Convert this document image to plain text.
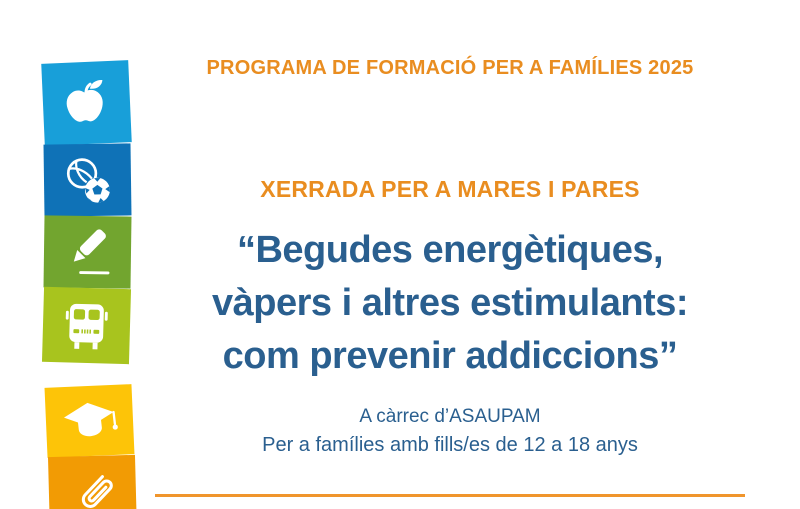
PROGRAMA DE FORMACIÓ PER A FAMÍLIES 2025
XERRADA PER A MARES I PARES
“Begudes energètiques,
vàpers i altres estimulants:
com prevenir addiccions”
A càrrec d’ASAUPAM
Per a famílies amb fills/es de 12 a 18 anys
